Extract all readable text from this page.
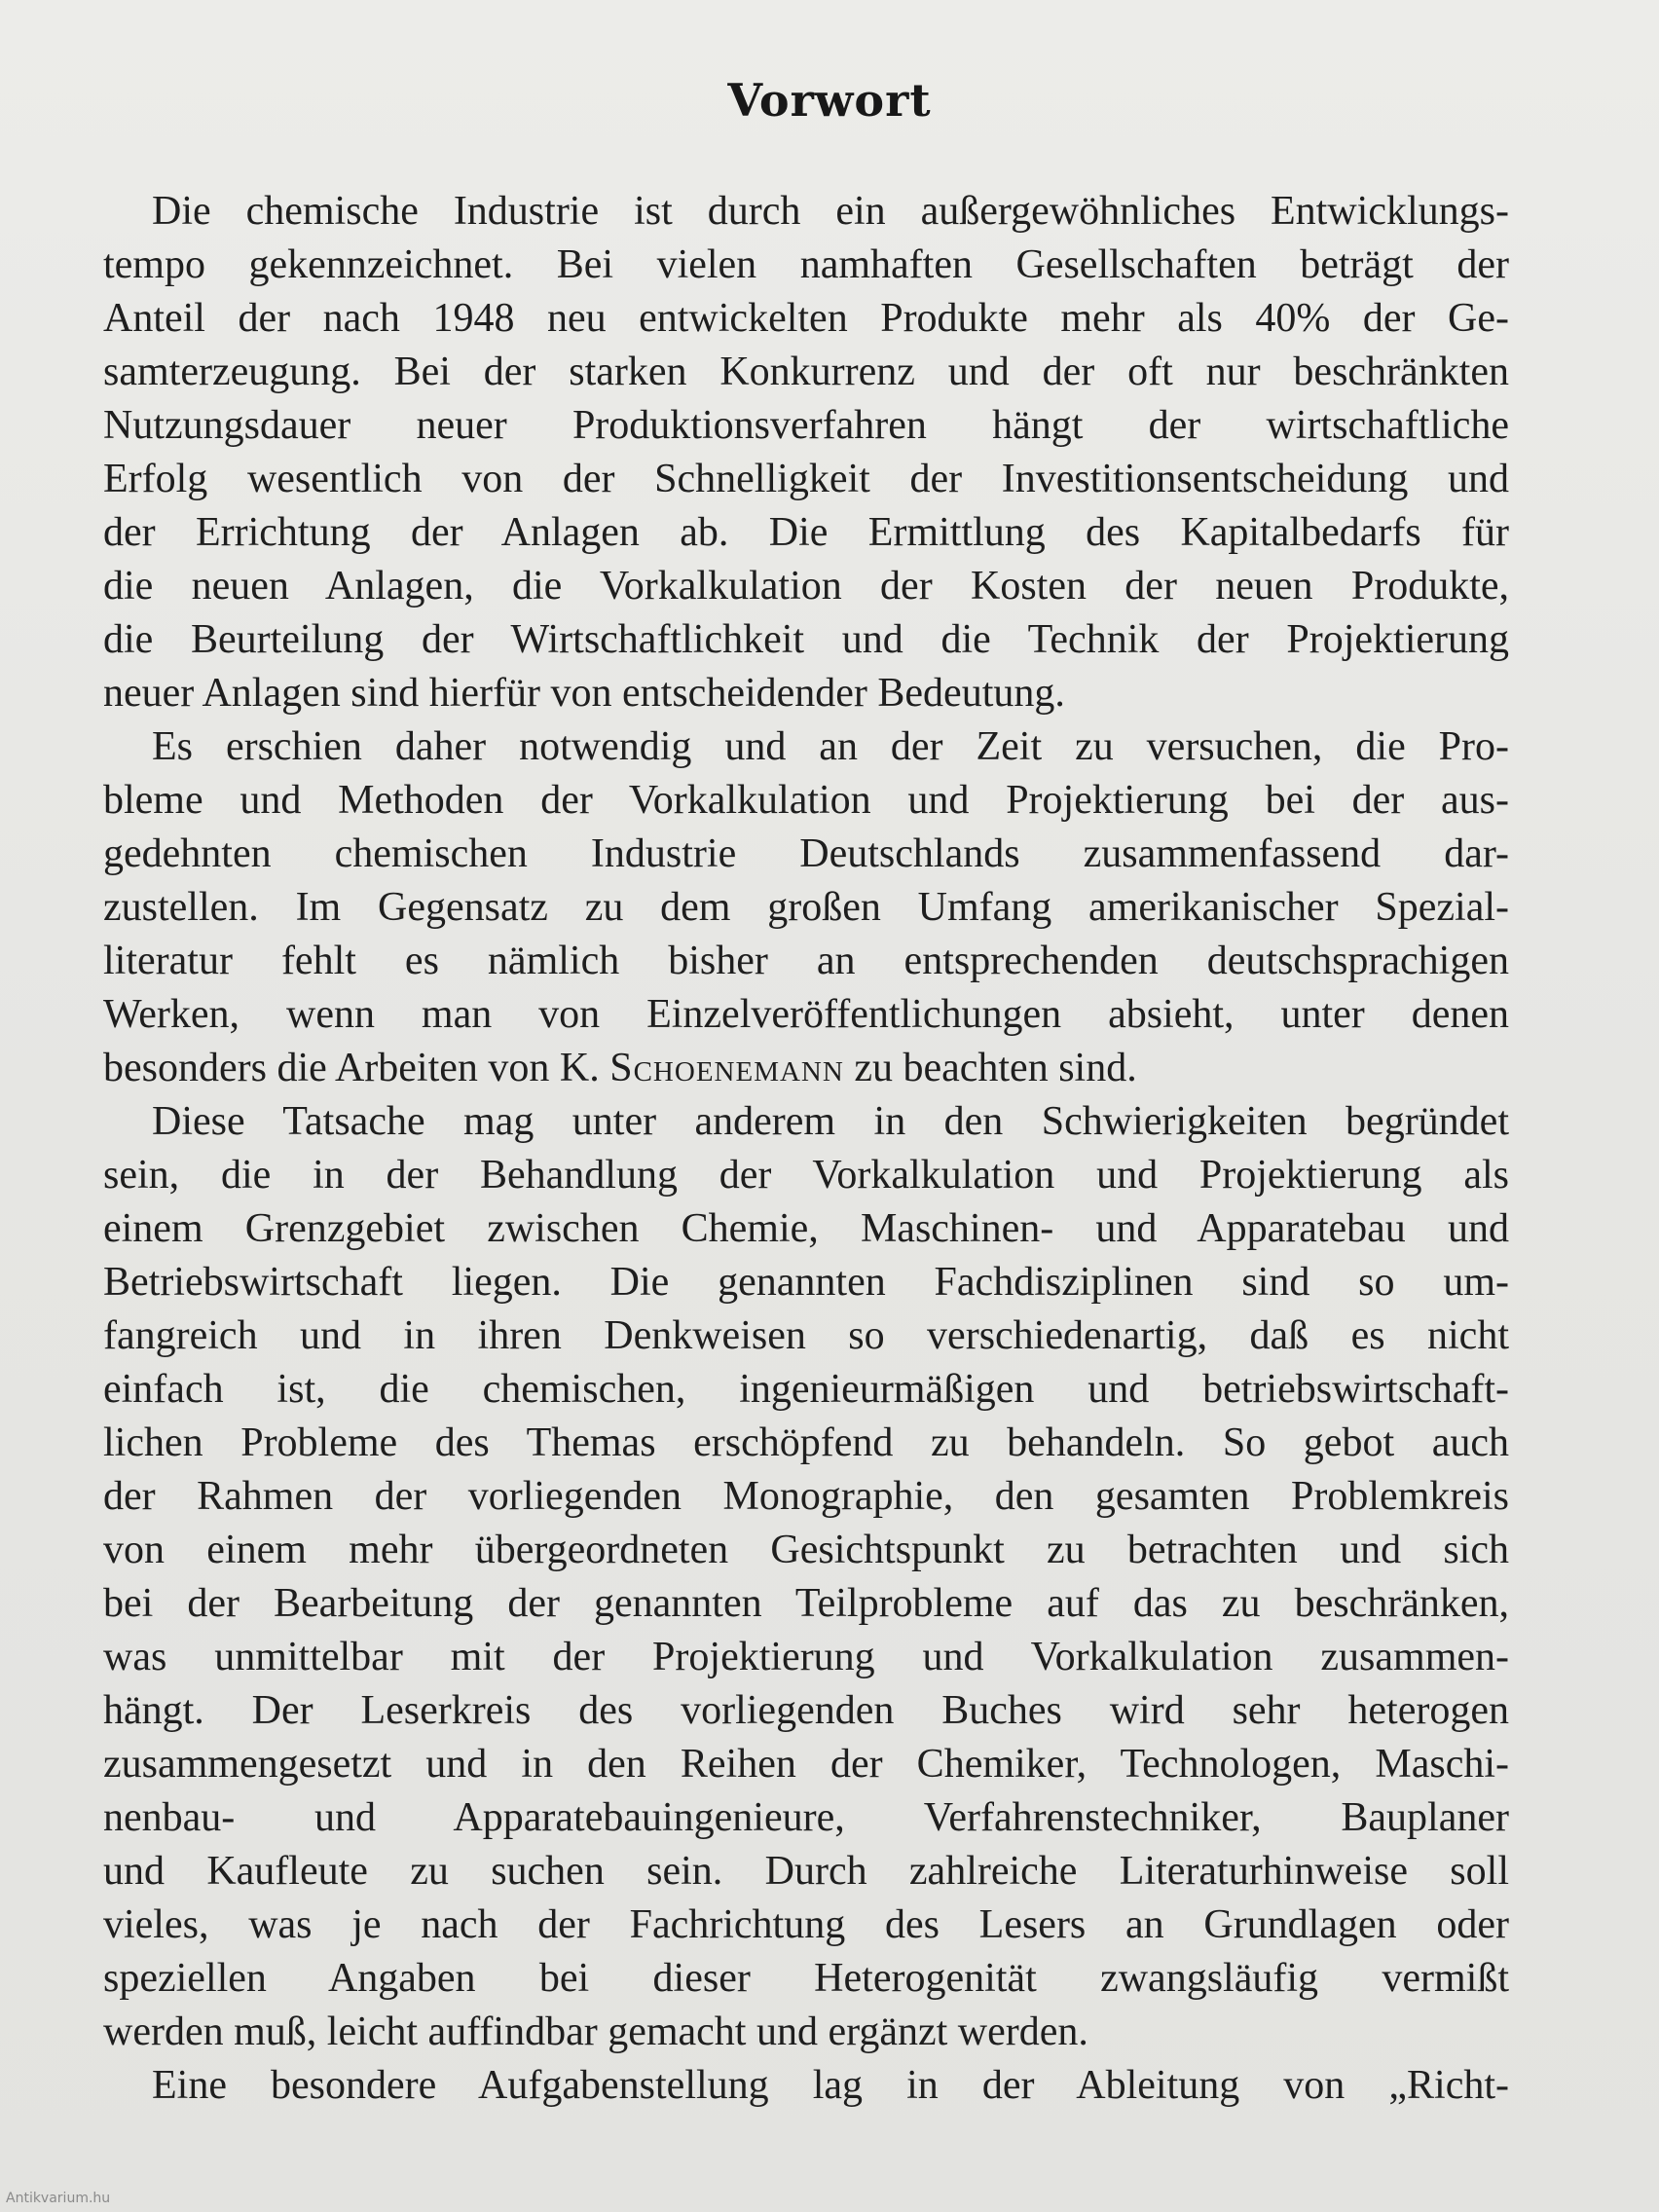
Vorwort
Die chemische Industrie ist durch ein außergewöhnliches Entwicklungs-
tempo gekennzeichnet. Bei vielen namhaften Gesellschaften beträgt der
Anteil der nach 1948 neu entwickelten Produkte mehr als 40% der Ge-
samterzeugung. Bei der starken Konkurrenz und der oft nur beschränkten
Nutzungsdauer neuer Produktionsverfahren hängt der wirtschaftliche
Erfolg wesentlich von der Schnelligkeit der Investitionsentscheidung und
der Errichtung der Anlagen ab. Die Ermittlung des Kapitalbedarfs für
die neuen Anlagen, die Vorkalkulation der Kosten der neuen Produkte,
die Beurteilung der Wirtschaftlichkeit und die Technik der Projektierung
neuer Anlagen sind hierfür von entscheidender Bedeutung.
Es erschien daher notwendig und an der Zeit zu versuchen, die Pro-
bleme und Methoden der Vorkalkulation und Projektierung bei der aus-
gedehnten chemischen Industrie Deutschlands zusammenfassend dar-
zustellen. Im Gegensatz zu dem großen Umfang amerikanischer Spezial-
literatur fehlt es nämlich bisher an entsprechenden deutschsprachigen
Werken, wenn man von Einzelveröffentlichungen absieht, unter denen
besonders die Arbeiten von K. Schoenemann zu beachten sind.
Diese Tatsache mag unter anderem in den Schwierigkeiten begründet
sein, die in der Behandlung der Vorkalkulation und Projektierung als
einem Grenzgebiet zwischen Chemie, Maschinen- und Apparatebau und
Betriebswirtschaft liegen. Die genannten Fachdisziplinen sind so um-
fangreich und in ihren Denkweisen so verschiedenartig, daß es nicht
einfach ist, die chemischen, ingenieurmäßigen und betriebswirtschaft-
lichen Probleme des Themas erschöpfend zu behandeln. So gebot auch
der Rahmen der vorliegenden Monographie, den gesamten Problemkreis
von einem mehr übergeordneten Gesichtspunkt zu betrachten und sich
bei der Bearbeitung der genannten Teilprobleme auf das zu beschränken,
was unmittelbar mit der Projektierung und Vorkalkulation zusammen-
hängt. Der Leserkreis des vorliegenden Buches wird sehr heterogen
zusammengesetzt und in den Reihen der Chemiker, Technologen, Maschi-
nenbau- und Apparatebauingenieure, Verfahrenstechniker, Bauplaner
und Kaufleute zu suchen sein. Durch zahlreiche Literaturhinweise soll
vieles, was je nach der Fachrichtung des Lesers an Grundlagen oder
speziellen Angaben bei dieser Heterogenität zwangsläufig vermißt
werden muß, leicht auffindbar gemacht und ergänzt werden.
Eine besondere Aufgabenstellung lag in der Ableitung von „Richt-
Antikvarium.hu
